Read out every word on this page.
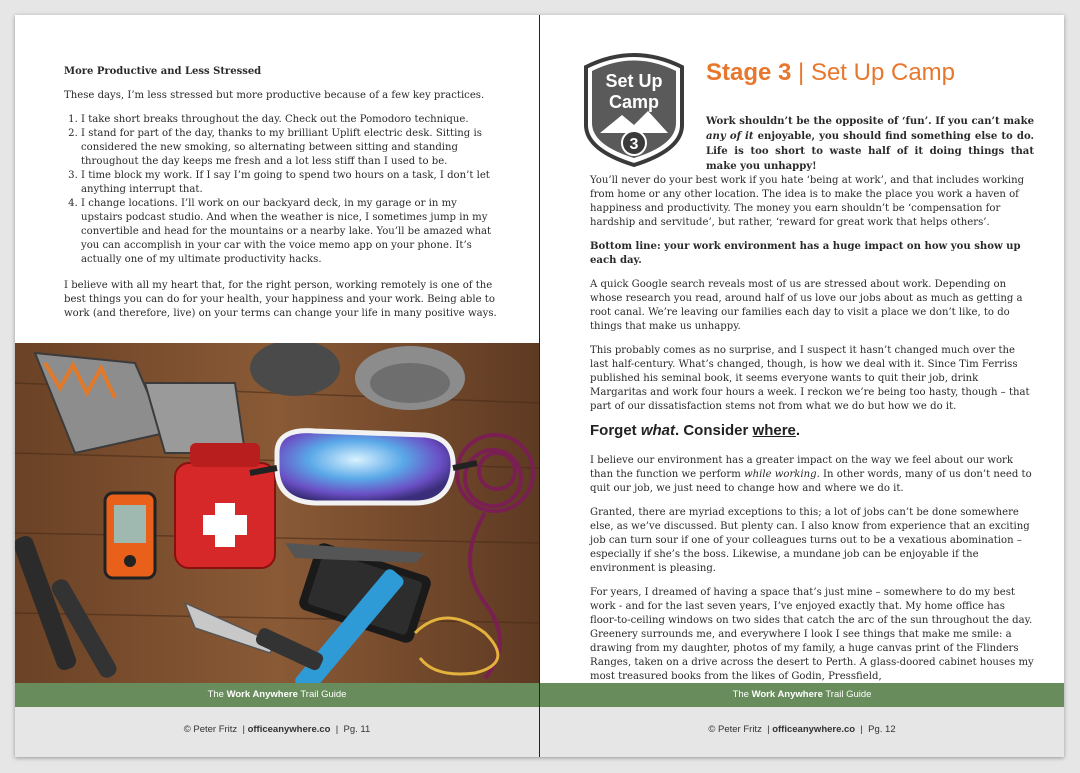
More Productive and Less Stressed

These days, I’m less stressed but more productive because of a few key practices.

1. I take short breaks throughout the day. Check out the Pomodoro technique.
2. I stand for part of the day, thanks to my brilliant Uplift electric desk. Sitting is considered the new smoking, so alternating between sitting and standing throughout the day keeps me fresh and a lot less stiff than I used to be.
3. I time block my work. If I say I’m going to spend two hours on a task, I don’t let anything interrupt that.
4. I change locations. I’ll work on our backyard deck, in my garage or in my upstairs podcast studio. And when the weather is nice, I sometimes jump in my convertible and head for the mountains or a nearby lake. You’ll be amazed what you can accomplish in your car with the voice memo app on your phone. It’s actually one of my ultimate productivity hacks.

I believe with all my heart that, for the right person, working remotely is one of the best things you can do for your health, your happiness and your work. Being able to work (and therefore, live) on your terms can change your life in many positive ways.

The Work Anywhere Trail Guide
© Peter Fritz  | officeanywhere.co  |  Pg. 11
Set Up
Camp
3
Stage 3 | Set Up Camp
Work shouldn’t be the opposite of ‘fun’. If you can’t make any of it enjoyable, you should find something else to do. Life is too short to waste half of it doing things that make you unhappy!

You’ll never do your best work if you hate ‘being at work’, and that includes working from home or any other location. The idea is to make the place you work a haven of happiness and productivity. The money you earn shouldn’t be ‘compensation for hardship and servitude’, but rather, ‘reward for great work that helps others’.

Bottom line: your work environment has a huge impact on how you show up each day.

A quick Google search reveals most of us are stressed about work. Depending on whose research you read, around half of us love our jobs about as much as getting a root canal. We’re leaving our families each day to visit a place we don’t like, to do things that make us unhappy.

This probably comes as no surprise, and I suspect it hasn’t changed much over the last half-century. What’s changed, though, is how we deal with it. Since Tim Ferriss published his seminal book, it seems everyone wants to quit their job, drink Margaritas and work four hours a week. I reckon we’re being too hasty, though – that part of our dissatisfaction stems not from what we do but how we do it.

Forget what. Consider where.

I believe our environment has a greater impact on the way we feel about our work than the function we perform while working. In other words, many of us don’t need to quit our job, we just need to change how and where we do it.

Granted, there are myriad exceptions to this; a lot of jobs can’t be done somewhere else, as we’ve discussed. But plenty can. I also know from experience that an exciting job can turn sour if one of your colleagues turns out to be a vexatious abomination – especially if she’s the boss. Likewise, a mundane job can be enjoyable if the environment is pleasing.

For years, I dreamed of having a space that’s just mine – somewhere to do my best work - and for the last seven years, I’ve enjoyed exactly that. My home office has floor-to-ceiling windows on two sides that catch the arc of the sun throughout the day. Greenery surrounds me, and everywhere I look I see things that make me smile: a drawing from my daughter, photos of my family, a huge canvas print of the Flinders Ranges, taken on a drive across the desert to Perth. A glass-doored cabinet houses my most treasured books from the likes of Godin, Pressfield,

The Work Anywhere Trail Guide
© Peter Fritz  | officeanywhere.co  |  Pg. 12
